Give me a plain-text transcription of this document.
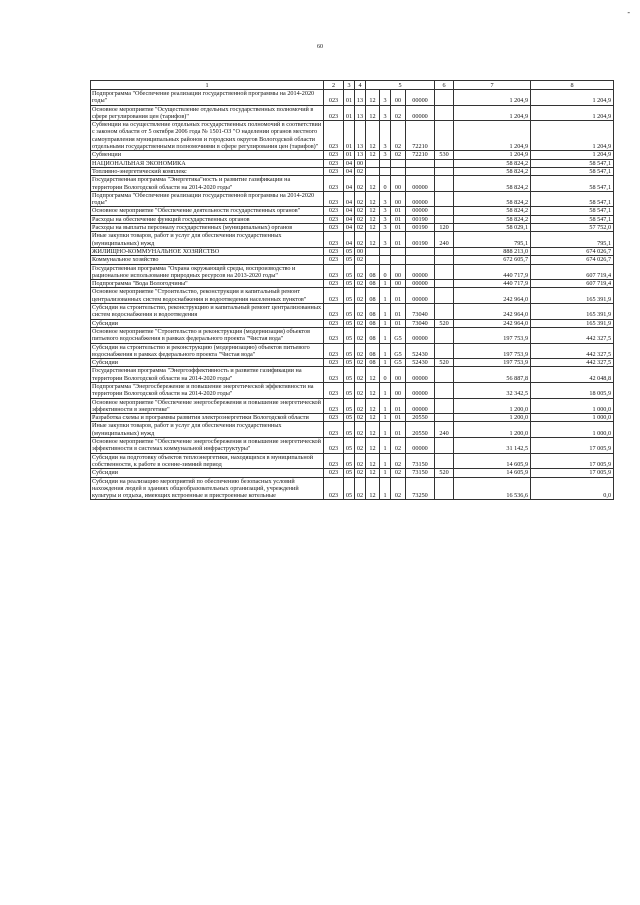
60
-
1	2	3	4	5				6	7	8
Подпрограмма "Обеспечение реализации государственной программы на 2014-2020 годы"	023	01	13	12	3	00	00000		1 204,9	1 204,9
Основное мероприятие "Осуществление отдельных государственных полномочий в сфере регулирования цен (тарифов)"	023	01	13	12	3	02	00000		1 204,9	1 204,9
Субвенции на осуществление отдельных государственных полномочий в соответствии с законом области от 5 октября 2006 года № 1501-ОЗ "О наделении органов местного самоуправления муниципальных районов и городских округов Вологодской области отдельными государственными полномочиями в сфере регулирования цен (тарифов)"	023	01	13	12	3	02	72210		1 204,9	1 204,9
Субвенции	023	01	13	12	3	02	72210	530	1 204,9	1 204,9
НАЦИОНАЛЬНАЯ ЭКОНОМИКА	023	04	00						58 824,2	58 547,1
Топливно-энергетический комплекс	023	04	02						58 824,2	58 547,1
Государственная программа "Энергетика"ность и развитие газификации на территории Вологодской области на 2014-2020 годы"	023	04	02	12	0	00	00000		58 824,2	58 547,1
Подпрограмма "Обеспечение реализации государственной программы на 2014-2020 годы"	023	04	02	12	3	00	00000		58 824,2	58 547,1
Основное мероприятие "Обеспечение деятельности государственных органов"	023	04	02	12	3	01	00000		58 824,2	58 547,1
Расходы на обеспечение функций государственных органов	023	04	02	12	3	01	00190		58 824,2	58 547,1
Расходы на выплаты персоналу государственных (муниципальных) органов	023	04	02	12	3	01	00190	120	58 029,1	57 752,0
Иные закупки товаров, работ и услуг для обеспечения государственных (муниципальных) нужд	023	04	02	12	3	01	00190	240	795,1	795,1
ЖИЛИЩНО-КОММУНАЛЬНОЕ ХОЗЯЙСТВО	023	05	00						888 213,0	674 026,7
Коммунальное хозяйство	023	05	02						672 605,7	674 026,7
Государственная программа "Охрана окружающей среды, воспроизводство и рациональное использование природных ресурсов на 2013-2020 годы"	023	05	02	08	0	00	00000		440 717,9	607 719,4
Подпрограмма "Вода Вологодчины"	023	05	02	08	1	00	00000		440 717,9	607 719,4
Основное мероприятие "Строительство, реконструкция и капитальный ремонт централизованных систем водоснабжения и водоотведения населенных пунктов"	023	05	02	08	1	01	00000		242 964,0	165 391,9
Субсидии на строительство, реконструкцию и капитальный ремонт централизованных систем водоснабжения и водоотведения	023	05	02	08	1	01	73040		242 964,0	165 391,9
Субсидии	023	05	02	08	1	01	73040	520	242 964,0	165 391,9
Основное мероприятие "Строительство и реконструкция (модернизация) объектов питьевого водоснабжения в рамках федерального проекта "Чистая вода"	023	05	02	08	1	G5	00000		197 753,9	442 327,5
Субсидии на строительство и реконструкцию (модернизацию) объектов питьевого водоснабжения в рамках федерального проекта "Чистая вода"	023	05	02	08	1	G5	52430		197 753,9	442 327,5
Субсидии	023	05	02	08	1	G5	52430	520	197 753,9	442 327,5
Государственная программа "Энергоэффективность и развитие газификации на территории Вологодской области на 2014-2020 годы"	023	05	02	12	0	00	00000		56 887,8	42 048,8
Подпрограмма "Энергосбережение и повышение энергетической эффективности на территории Вологодской области на 2014-2020 годы"	023	05	02	12	1	00	00000		32 342,5	18 005,9
Основное мероприятие "Обеспечение энергосбережения и повышение энергетической эффективности в энергетике"	023	05	02	12	1	01	00000		1 200,0	1 000,0
Разработка схемы и программы развития электроэнергетики Вологодской области	023	05	02	12	1	01	20550		1 200,0	1 000,0
Иные закупки товаров, работ и услуг для обеспечения государственных (муниципальных) нужд	023	05	02	12	1	01	20550	240	1 200,0	1 000,0
Основное мероприятие "Обеспечение энергосбережения и повышение энергетической эффективности в системах коммунальной инфраструктуры"	023	05	02	12	1	02	00000		31 142,5	17 005,9
Субсидии на подготовку объектов теплоэнергетики, находящихся в муниципальной собственности, к работе в осенне-зимний период	023	05	02	12	1	02	73150		14 605,9	17 005,9
Субсидии	023	05	02	12	1	02	73150	520	14 605,9	17 005,9
Субсидии на реализацию мероприятий по обеспечению безопасных условий нахождения людей в зданиях общеобразовательных организаций, учреждений культуры и отдыха, имеющих встроенные и пристроенные котельные	023	05	02	12	1	02	73250		16 536,6	0,0
